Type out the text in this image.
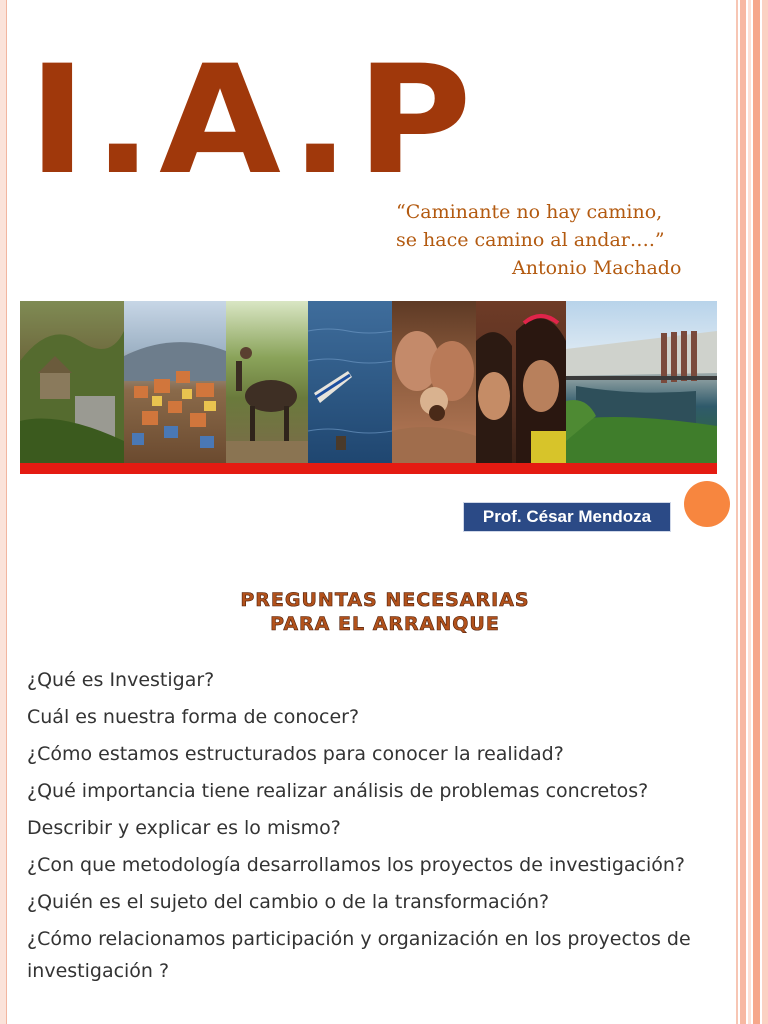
I.A.P
“Caminante no hay camino,
se hace camino al andar….”

Antonio Machado
Prof. César Mendoza
PREGUNTAS NECESARIAS
PARA EL ARRANQUE
¿Qué es Investigar?
Cuál es nuestra forma de conocer?
¿Cómo estamos estructurados para conocer la realidad?
¿Qué importancia tiene realizar análisis de problemas concretos?
Describir y explicar es lo mismo?
¿Con que metodología desarrollamos los proyectos de investigación?
¿Quién es el sujeto del cambio o de la transformación?
¿Cómo relacionamos participación y organización en los proyectos de investigación ?
